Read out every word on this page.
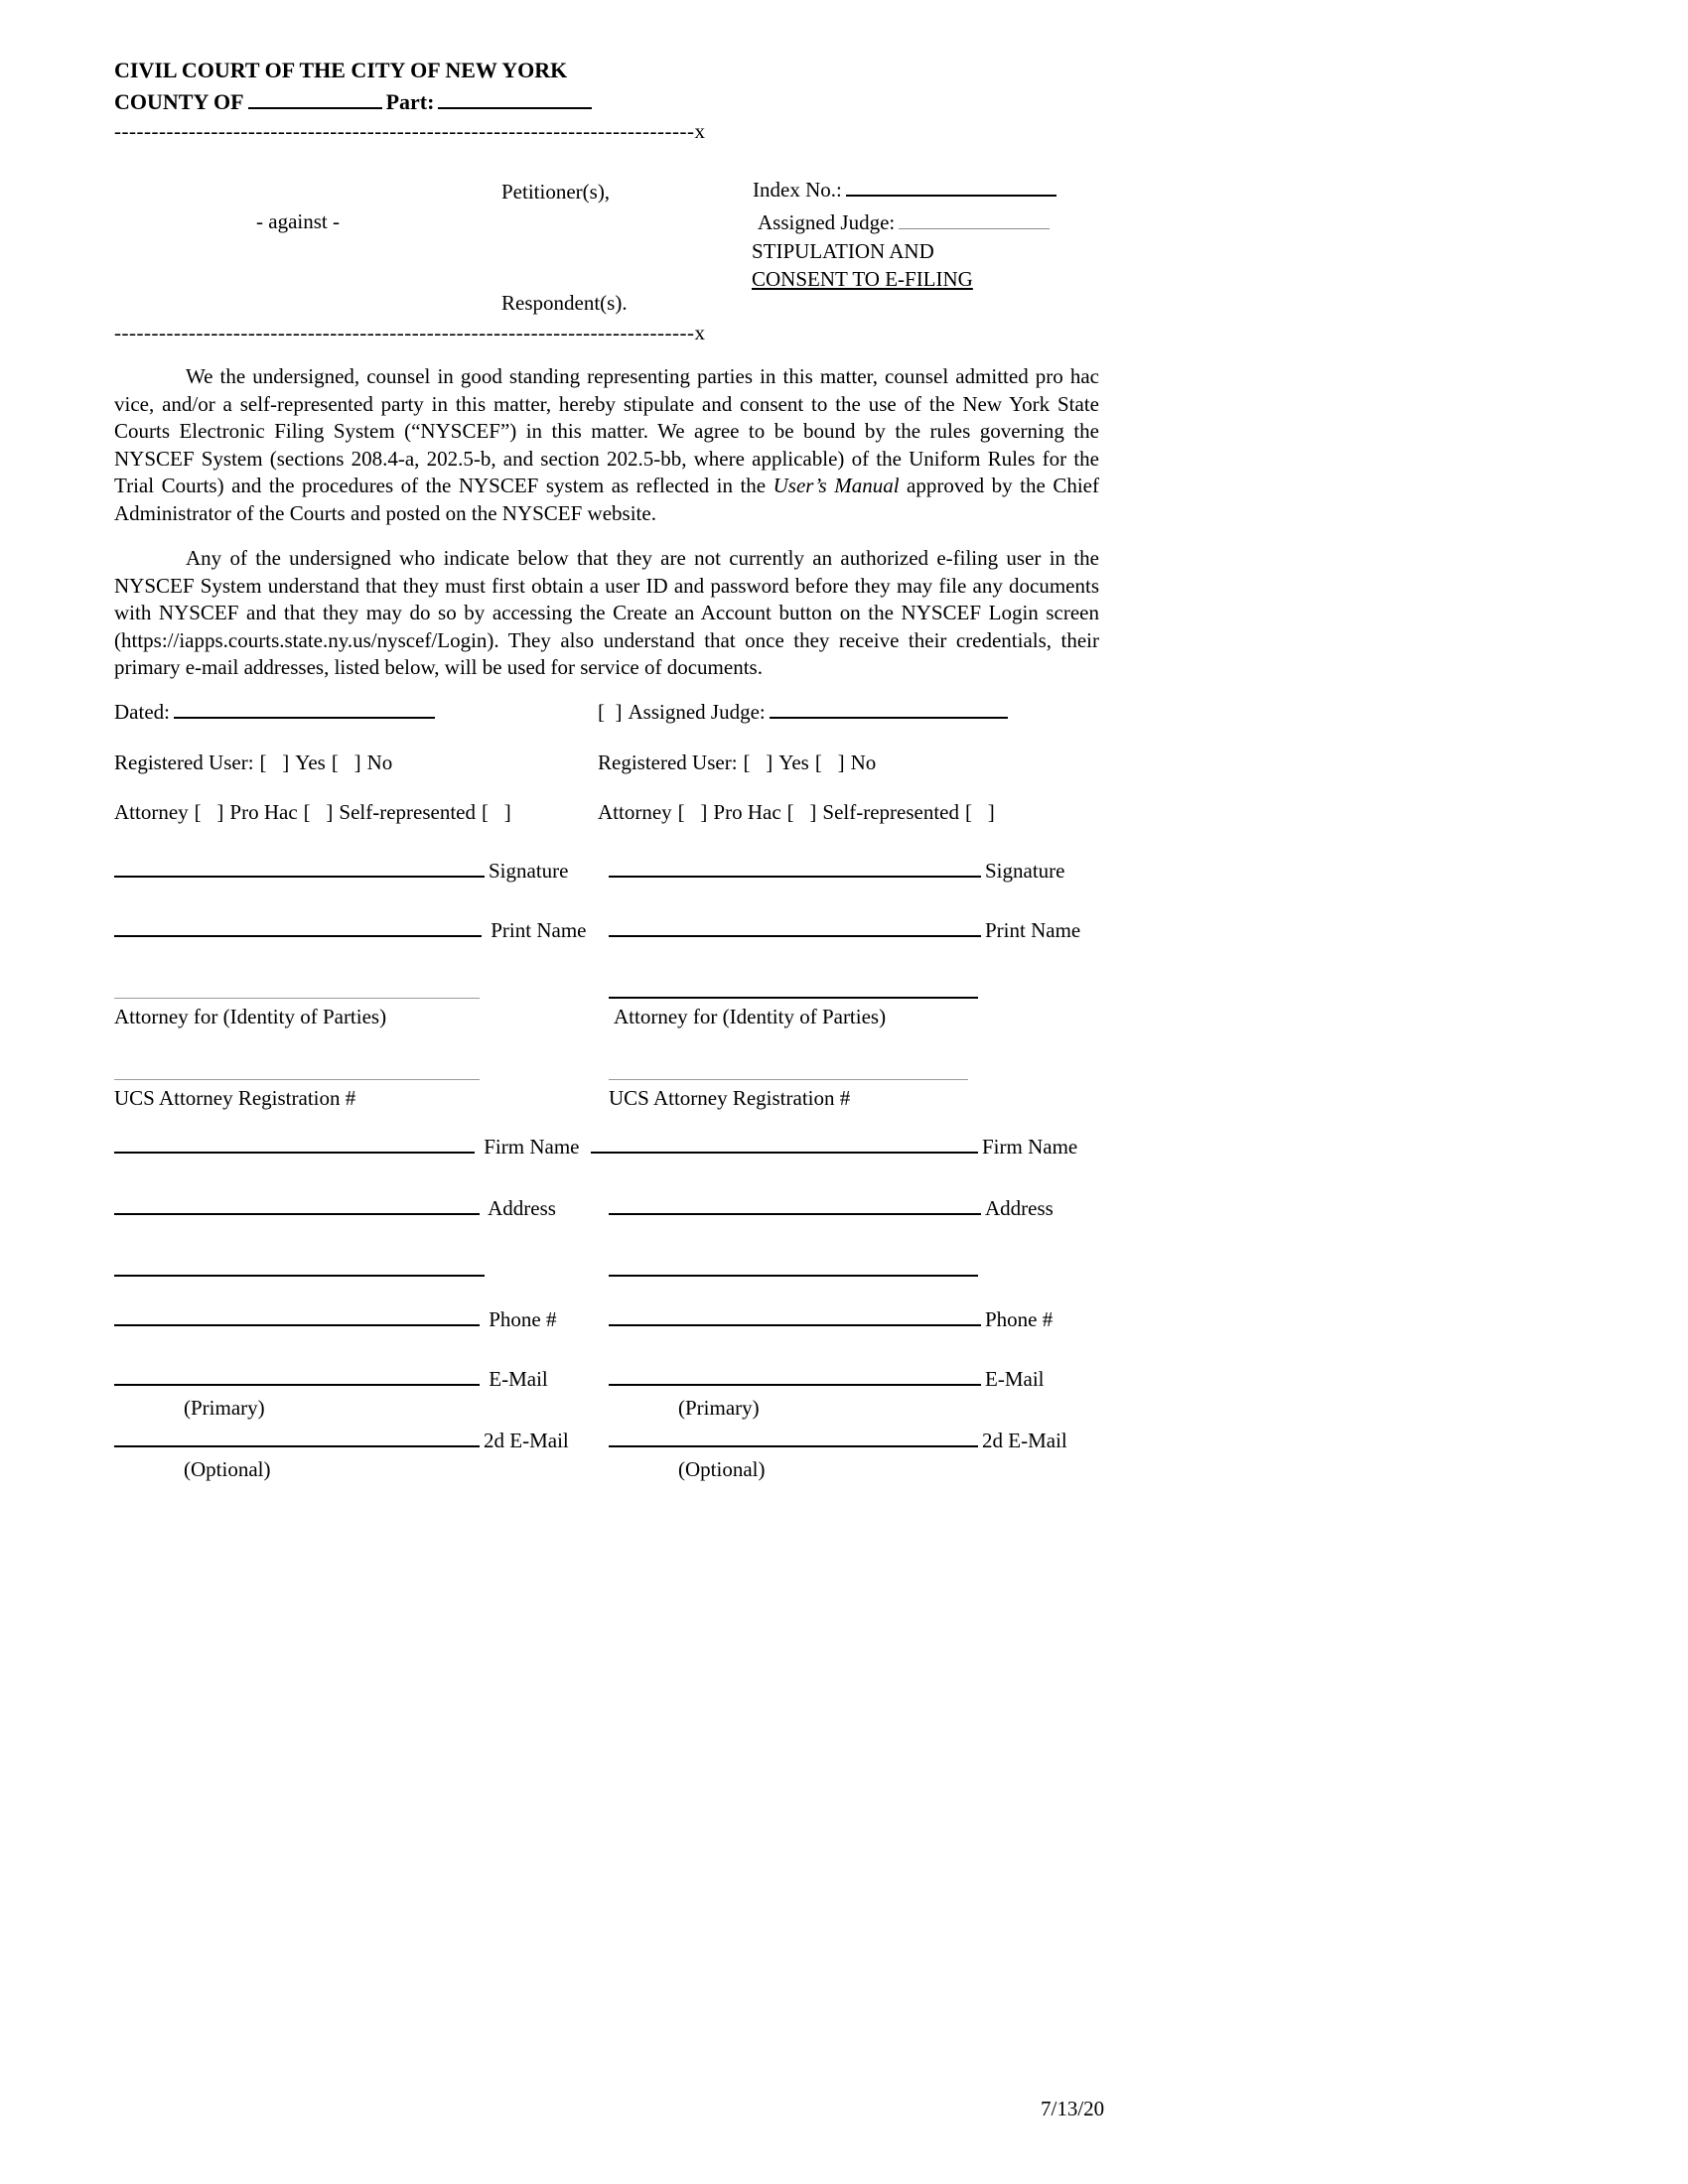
CIVIL COURT OF THE CITY OF NEW YORK
COUNTY OF	Part:
------------------------------------------------------------------------------x
Petitioner(s),	Index No.:
- against -	Assigned Judge:
STIPULATION AND
CONSENT TO E-FILING
Respondent(s).
------------------------------------------------------------------------------x

We the undersigned, counsel in good standing representing parties in this matter, counsel admitted pro hac vice, and/or a self-represented party in this matter, hereby stipulate and consent to the use of the New York State Courts Electronic Filing System (“NYSCEF”) in this matter. We agree to be bound by the rules governing the NYSCEF System (sections 208.4-a, 202.5-b, and section 202.5-bb, where applicable) of the Uniform Rules for the Trial Courts) and the procedures of the NYSCEF system as reflected in the User’s Manual approved by the Chief Administrator of the Courts and posted on the NYSCEF website.

Any of the undersigned who indicate below that they are not currently an authorized e-filing user in the NYSCEF System understand that they must first obtain a user ID and password before they may file any documents with NYSCEF and that they may do so by accessing the Create an Account button on the NYSCEF Login screen (https://iapps.courts.state.ny.us/nyscef/Login). They also understand that once they receive their credentials, their primary e-mail addresses, listed below, will be used for service of documents.

Dated:	[  ] Assigned Judge:
Registered User: [   ] Yes [   ] No	Registered User: [   ] Yes [   ] No
Attorney [   ] Pro Hac [   ] Self-represented [   ]	Attorney [   ] Pro Hac [   ] Self-represented [   ]
Signature	Signature
Print Name	Print Name
Attorney for (Identity of Parties)	Attorney for (Identity of Parties)
UCS Attorney Registration #	UCS Attorney Registration #
Firm Name	Firm Name
Address	Address
Phone #	Phone #
E-Mail	E-Mail
(Primary)	(Primary)
2d E-Mail	2d E-Mail
(Optional)	(Optional)
7/13/20
